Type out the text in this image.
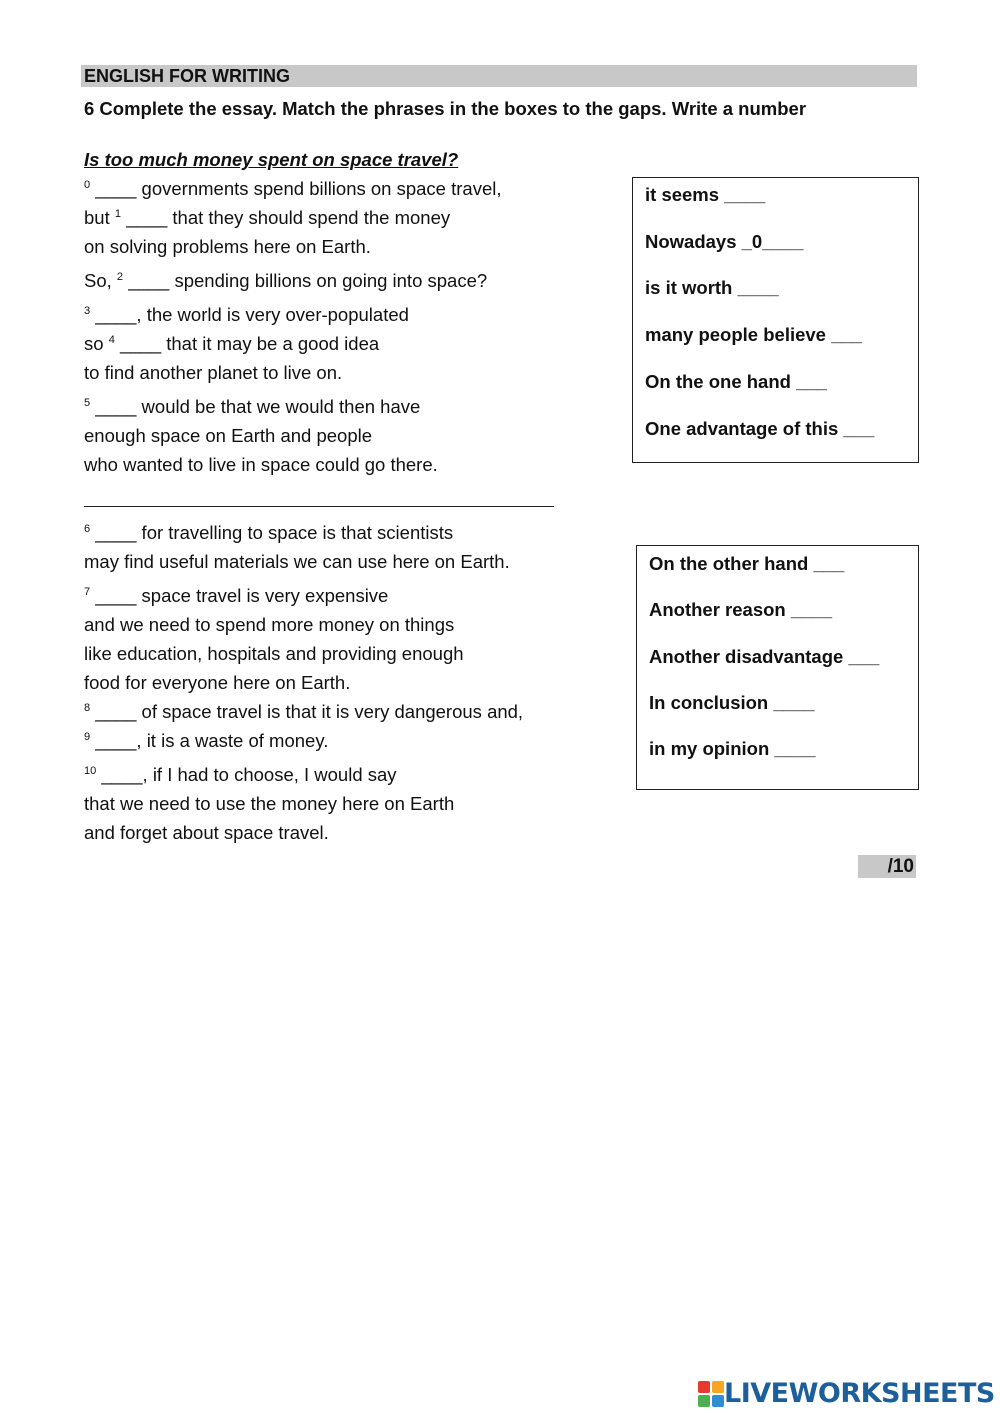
ENGLISH FOR WRITING
6 Complete the essay. Match the phrases in the boxes to the gaps. Write a number
Is too much money spent on space travel?
$^0$ ____ governments spend billions on space travel,
but $^1$ ____ that they should spend the money
on solving problems here on Earth.
So, $^2$ ____ spending billions on going into space?
$^3$ ____, the world is very over-populated
so $^4$ ____ that it may be a good idea
to find another planet to live on.
$^5$ ____ would be that we would then have
enough space on Earth and people
who wanted to live in space could go there.
$^6$ ____ for travelling to space is that scientists
may find useful materials we can use here on Earth.
$^7$ ____ space travel is very expensive
and we need to spend more money on things
like education, hospitals and providing enough
food for everyone here on Earth.
$^8$ ____ of space travel is that it is very dangerous and,
$^9$ ____, it is a waste of money.
$^{10}$ ____, if I had to choose, I would say
that we need to use the money here on Earth
and forget about space travel.
it seems ____
Nowadays _0____
is it worth ____
many people believe ___
On the one hand ___
One advantage of this ___
On the other hand ___
Another reason ____
Another disadvantage ___
In conclusion ____
in my opinion ____
/10
LIVEWORKSHEETS
